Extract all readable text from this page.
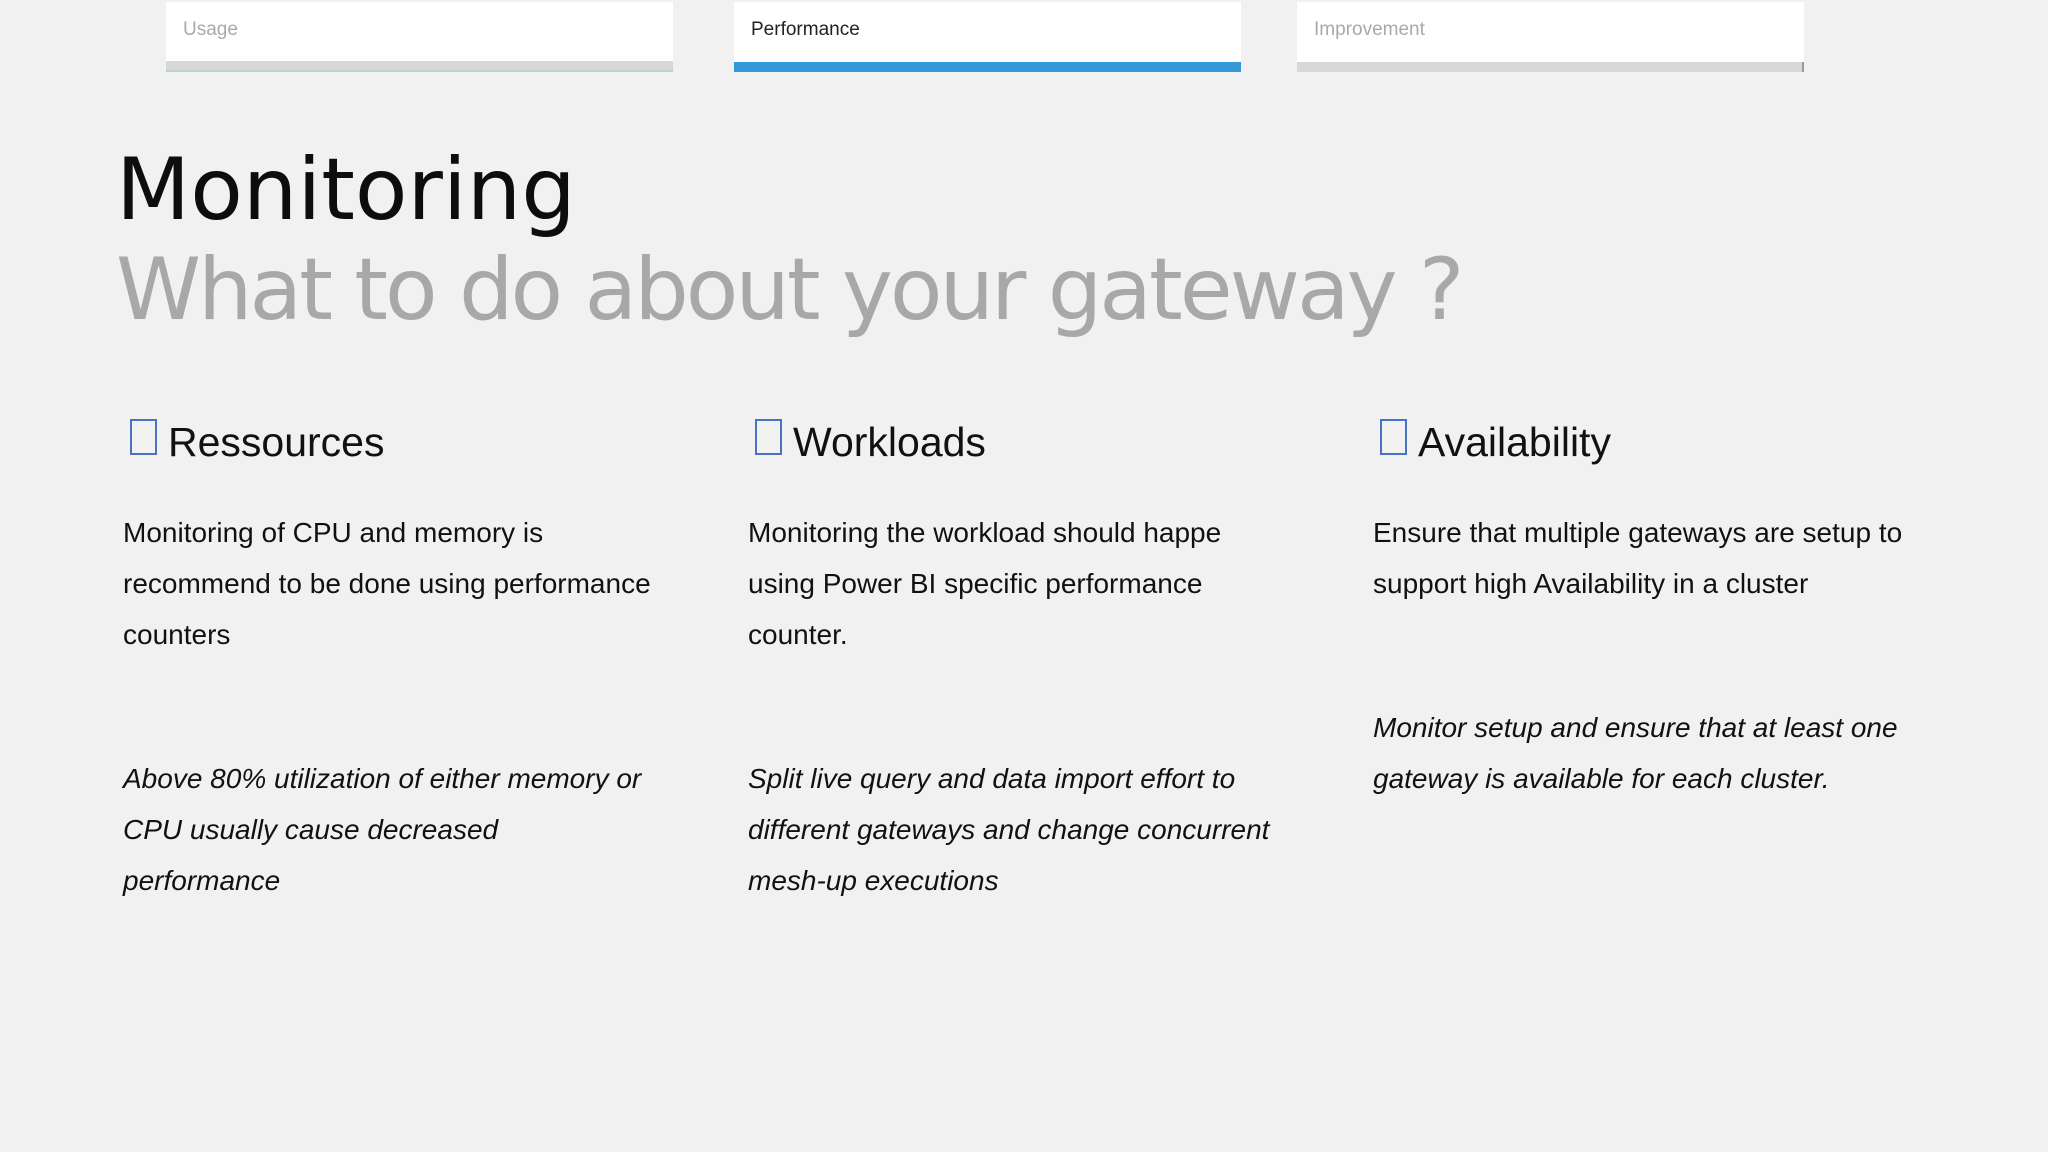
Usage	Performance	Improvement
Monitoring
What to do about your gateway ?
Ressources
Monitoring of CPU and memory is recommend to be done using performance counters
Above 80% utilization of either memory or CPU usually cause decreased performance
Workloads
Monitoring the workload should happe using Power BI specific performance counter.
Split live query and data import effort to different gateways and change concurrent mesh-up executions
Availability
Ensure that multiple gateways are setup to support high Availability in a cluster
Monitor setup and ensure that at least one gateway is available for each cluster.
